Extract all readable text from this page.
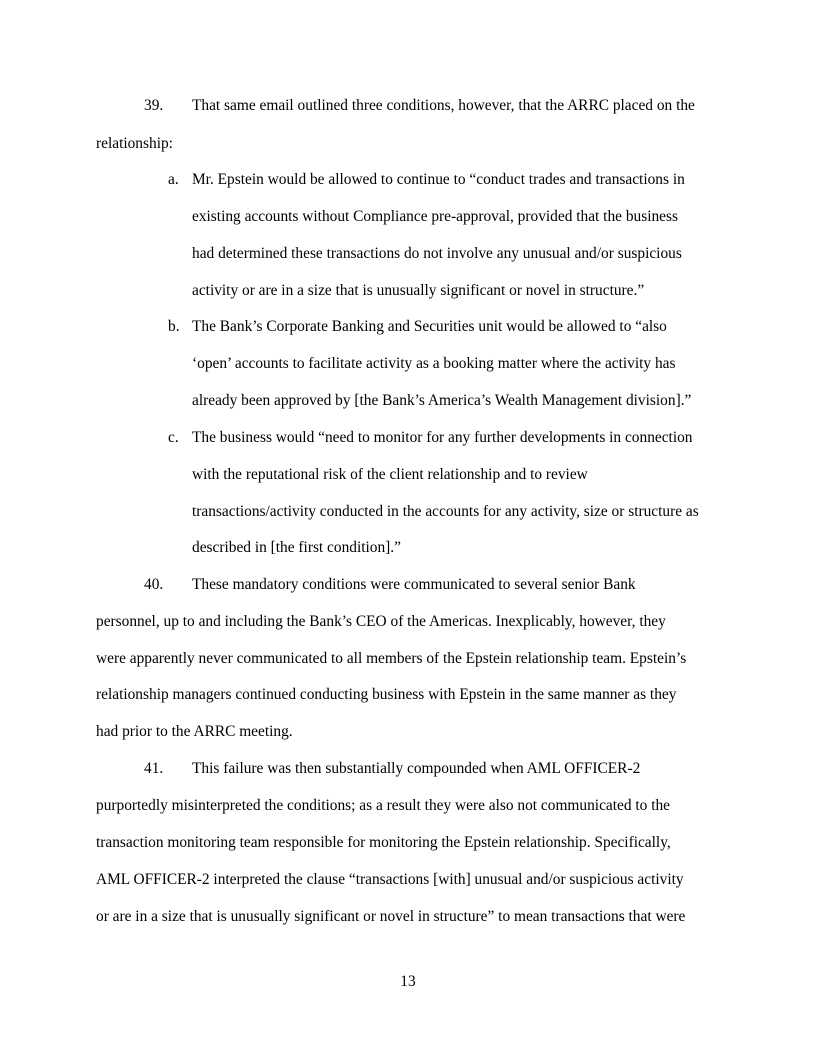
39. That same email outlined three conditions, however, that the ARRC placed on the
relationship:
a. Mr. Epstein would be allowed to continue to “conduct trades and transactions in
existing accounts without Compliance pre-approval, provided that the business
had determined these transactions do not involve any unusual and/or suspicious
activity or are in a size that is unusually significant or novel in structure.”
b. The Bank’s Corporate Banking and Securities unit would be allowed to “also
‘open’ accounts to facilitate activity as a booking matter where the activity has
already been approved by [the Bank’s America’s Wealth Management division].”
c. The business would “need to monitor for any further developments in connection
with the reputational risk of the client relationship and to review
transactions/activity conducted in the accounts for any activity, size or structure as
described in [the first condition].”
40. These mandatory conditions were communicated to several senior Bank
personnel, up to and including the Bank’s CEO of the Americas. Inexplicably, however, they
were apparently never communicated to all members of the Epstein relationship team. Epstein’s
relationship managers continued conducting business with Epstein in the same manner as they
had prior to the ARRC meeting.
41. This failure was then substantially compounded when AML OFFICER-2
purportedly misinterpreted the conditions; as a result they were also not communicated to the
transaction monitoring team responsible for monitoring the Epstein relationship. Specifically,
AML OFFICER-2 interpreted the clause “transactions [with] unusual and/or suspicious activity
or are in a size that is unusually significant or novel in structure” to mean transactions that were
13
